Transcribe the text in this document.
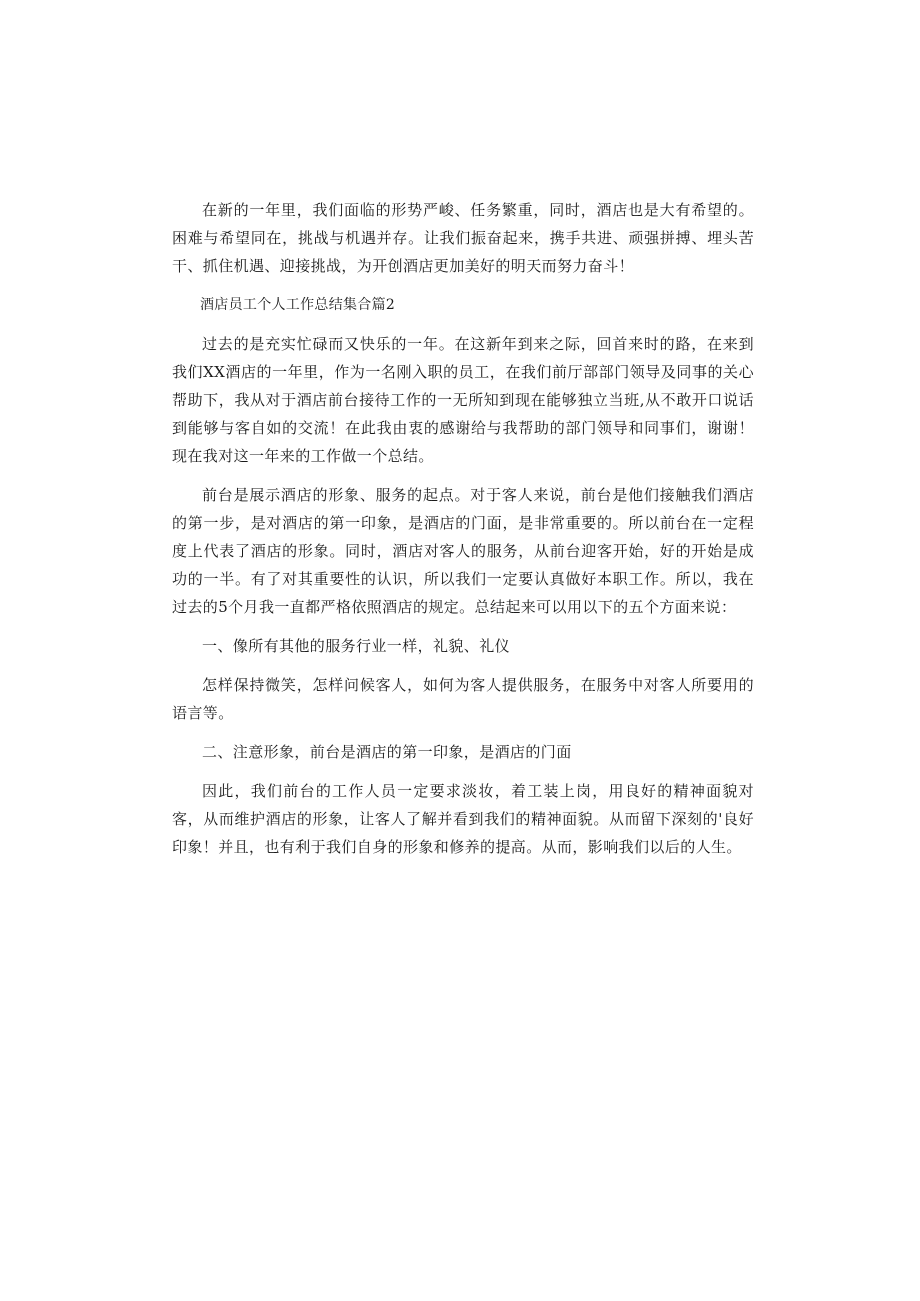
在新的一年里，我们面临的形势严峻、任务繁重，同时，酒店也是大有希望的。困难与希望同在，挑战与机遇并存。让我们振奋起来，携手共进、顽强拼搏、埋头苦干、抓住机遇、迎接挑战，为开创酒店更加美好的明天而努力奋斗！

酒店员工个人工作总结集合篇2

过去的是充实忙碌而又快乐的一年。在这新年到来之际，回首来时的路，在来到我们XX酒店的一年里，作为一名刚入职的员工，在我们前厅部部门领导及同事的关心帮助下，我从对于酒店前台接待工作的一无所知到现在能够独立当班,从不敢开口说话到能够与客自如的交流！在此我由衷的感谢给与我帮助的部门领导和同事们，谢谢！现在我对这一年来的工作做一个总结。

前台是展示酒店的形象、服务的起点。对于客人来说，前台是他们接触我们酒店的第一步，是对酒店的第一印象，是酒店的门面，是非常重要的。所以前台在一定程度上代表了酒店的形象。同时，酒店对客人的服务，从前台迎客开始，好的开始是成功的一半。有了对其重要性的认识，所以我们一定要认真做好本职工作。所以，我在过去的5个月我一直都严格依照酒店的规定。总结起来可以用以下的五个方面来说：

一、像所有其他的服务行业一样，礼貌、礼仪

怎样保持微笑，怎样问候客人，如何为客人提供服务，在服务中对客人所要用的语言等。

二、注意形象，前台是酒店的第一印象，是酒店的门面

因此，我们前台的工作人员一定要求淡妆，着工装上岗，用良好的精神面貌对客，从而维护酒店的形象，让客人了解并看到我们的精神面貌。从而留下深刻的'良好印象！并且，也有利于我们自身的形象和修养的提高。从而，影响我们以后的人生。
